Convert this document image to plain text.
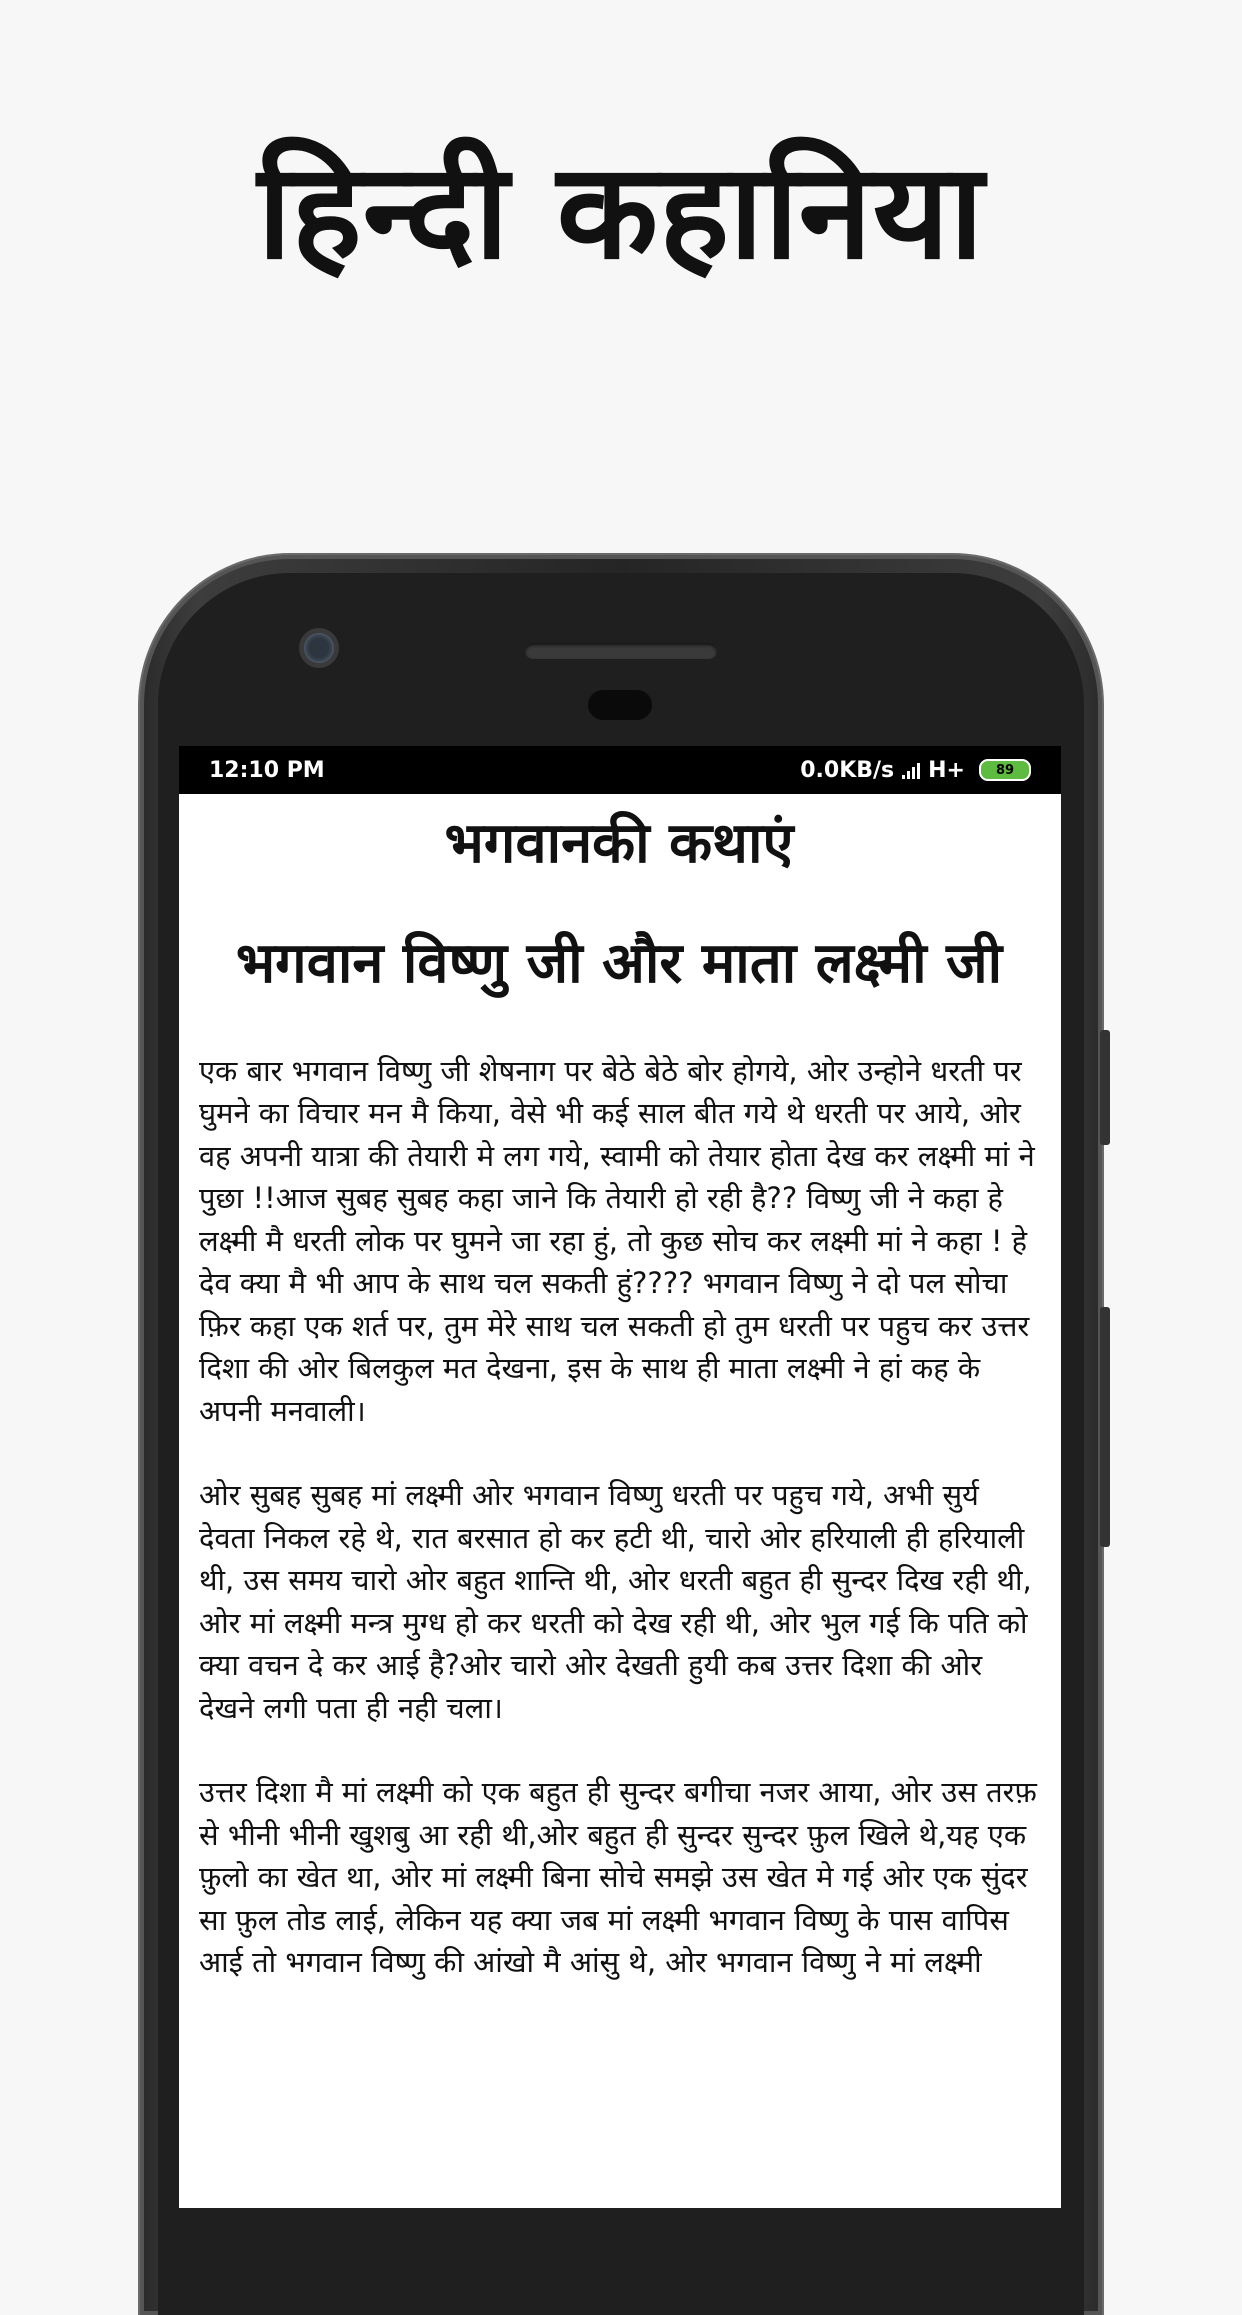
हिन्दी कहानिया
12:10 PM	0.0KB/s H+ 89
भगवानकी कथाएं
भगवान विष्णु जी और माता लक्ष्मी जी

एक बार भगवान विष्णु जी शेषनाग पर बेठे बेठे बोर होगये, ओर उन्होने धरती पर घुमने का विचार मन मै किया, वेसे भी कई साल बीत गये थे धरती पर आये, ओर वह अपनी यात्रा की तेयारी मे लग गये, स्वामी को तेयार होता देख कर लक्ष्मी मां ने पुछा !!आज सुबह सुबह कहा जाने कि तेयारी हो रही है?? विष्णु जी ने कहा हे लक्ष्मी मै धरती लोक पर घुमने जा रहा हुं, तो कुछ सोच कर लक्ष्मी मां ने कहा ! हे देव क्या मै भी आप के साथ चल सकती हुं???? भगवान विष्णु ने दो पल सोचा फ़िर कहा एक शर्त पर, तुम मेरे साथ चल सकती हो तुम धरती पर पहुच कर उत्तर दिशा की ओर बिलकुल मत देखना, इस के साथ ही माता लक्ष्मी ने हां कह के अपनी मनवाली।

ओर सुबह सुबह मां लक्ष्मी ओर भगवान विष्णु धरती पर पहुच गये, अभी सुर्य देवता निकल रहे थे, रात बरसात हो कर हटी थी, चारो ओर हरियाली ही हरियाली थी, उस समय चारो ओर बहुत शान्ति थी, ओर धरती बहुत ही सुन्दर दिख रही थी, ओर मां लक्ष्मी मन्त्र मुग्ध हो कर धरती को देख रही थी, ओर भुल गई कि पति को क्या वचन दे कर आई है?ओर चारो ओर देखती हुयी कब उत्तर दिशा की ओर देखने लगी पता ही नही चला।

उत्तर दिशा मै मां लक्ष्मी को एक बहुत ही सुन्दर बगीचा नजर आया, ओर उस तरफ़ से भीनी भीनी खुशबु आ रही थी,ओर बहुत ही सुन्दर सुन्दर फ़ुल खिले थे,यह एक फ़ुलो का खेत था, ओर मां लक्ष्मी बिना सोचे समझे उस खेत मे गई ओर एक सुंदर सा फ़ुल तोड लाई, लेकिन यह क्या जब मां लक्ष्मी भगवान विष्णु के पास वापिस आई तो भगवान विष्णु की आंखो मै आंसु थे, ओर भगवान विष्णु ने मां लक्ष्मी
